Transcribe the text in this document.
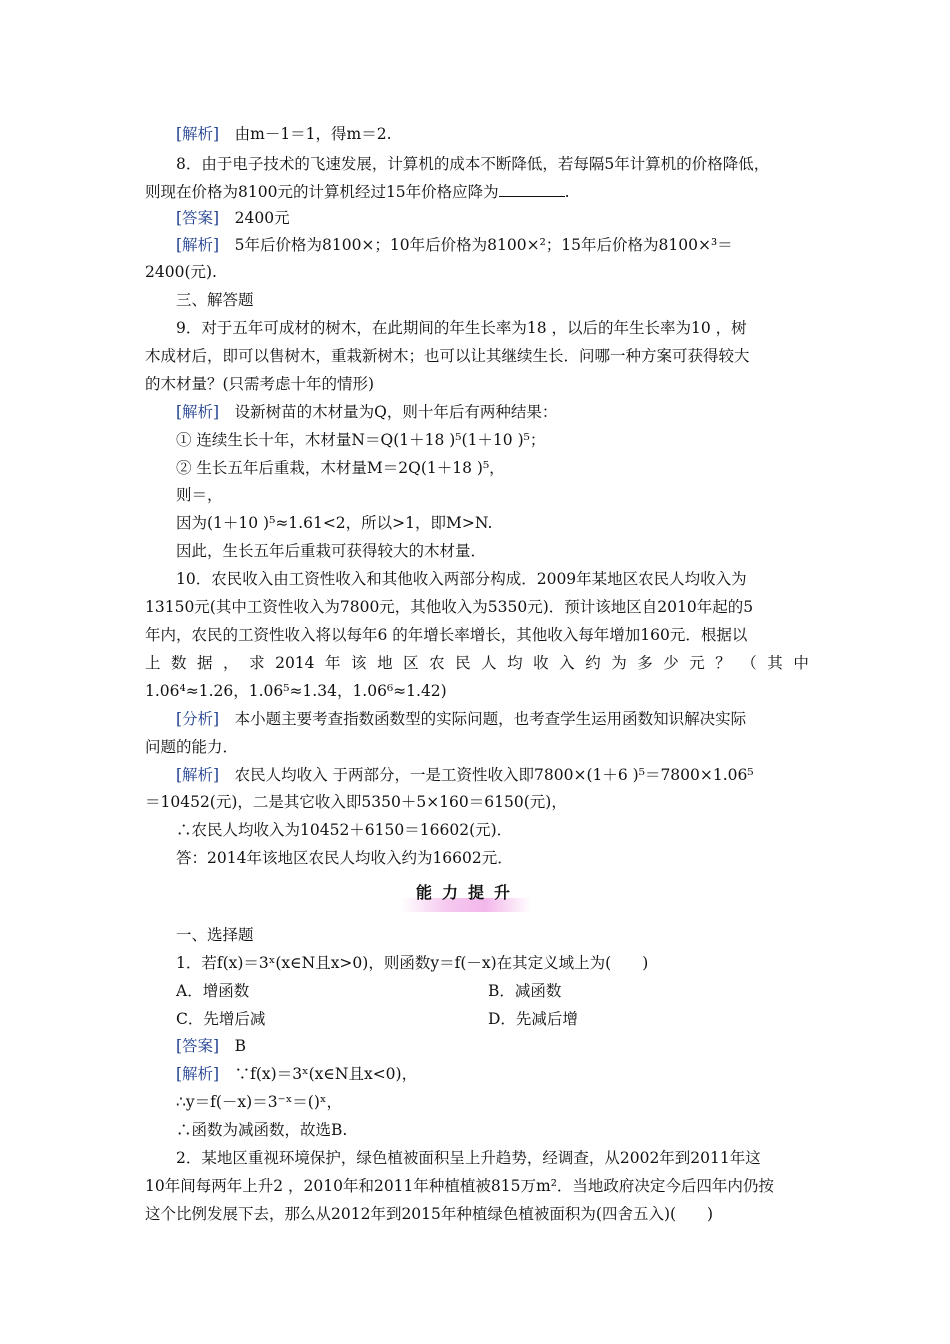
[解析]　 由m－1＝1，得m＝2.
8．由于电子技术的飞速发展，计算机的成本不断降低，若每隔5年计算机的价格降低，
则现在价格为8100元的计算机经过15年价格应降为	.
[答案]　 2400元
[解析]　 5年后价格为8100×；10年后价格为8100×²；15年后价格为8100×³＝
2400(元).
三、解答题
9．对于五年可成材的树木，在此期间的年生长率为18 ，以后的年生长率为10 ，树
木成材后，即可以售树木，重栽新树木；也可以让其继续生长．问哪一种方案可获得较大
的木材量？(只需考虑十年的情形)
[解析]　 设新树苗的木材量为Q，则十年后有两种结果：
① 连续生长十年，木材量N＝Q(1＋18 )⁵(1＋10 )⁵；
② 生长五年后重栽，木材量M＝2Q(1＋18 )⁵，
则＝，
因为(1＋10 )⁵≈1.61<2，所以>1，即M>N.
因此，生长五年后重栽可获得较大的木材量．
10．农民收入由工资性收入和其他收入两部分构成．2009年某地区农民人均收入为
13150元(其中工资性收入为7800元，其他收入为5350元)．预计该地区自2010年起的5
年内，农民的工资性收入将以每年6 的年增长率增长，其他收入每年增加160元．根据以
上 数 据 ， 求 2014 年 该 地 区 农 民 人 均 收 入 约 为 多 少 元 ？ （ 其 中
1.06⁴≈1.26，1.06⁵≈1.34，1.06⁶≈1.42)
[分析]　 本小题主要考查指数函数型的实际问题，也考查学生运用函数知识解决实际
问题的能力．
[解析]　 农民人均收入 于两部分，一是工资性收入即7800×(1＋6 )⁵＝7800×1.06⁵
＝10452(元)，二是其它收入即5350＋5×160＝6150(元)，
∴农民人均收入为10452＋6150＝16602(元)．
答：2014年该地区农民人均收入约为16602元．
能力提升
一、选择题
1．若f(x)＝3ˣ(x∈N且x>0)，则函数y＝f(－x)在其定义域上为(　　)
A．增函数	B．减函数
C．先增后减	D．先减后增
[答案]　 B
[解析]　 ∵f(x)＝3ˣ(x∈N且x<0)，
∴y＝f(－x)＝3⁻ˣ＝()ˣ，
∴函数为减函数，故选B.
2．某地区重视环境保护，绿色植被面积呈上升趋势，经调查，从2002年到2011年这
10年间每两年上升2 ，2010年和2011年种植植被815万m²．当地政府决定今后四年内仍按
这个比例发展下去，那么从2012年到2015年种植绿色植被面积为(四舍五入)(　　)
